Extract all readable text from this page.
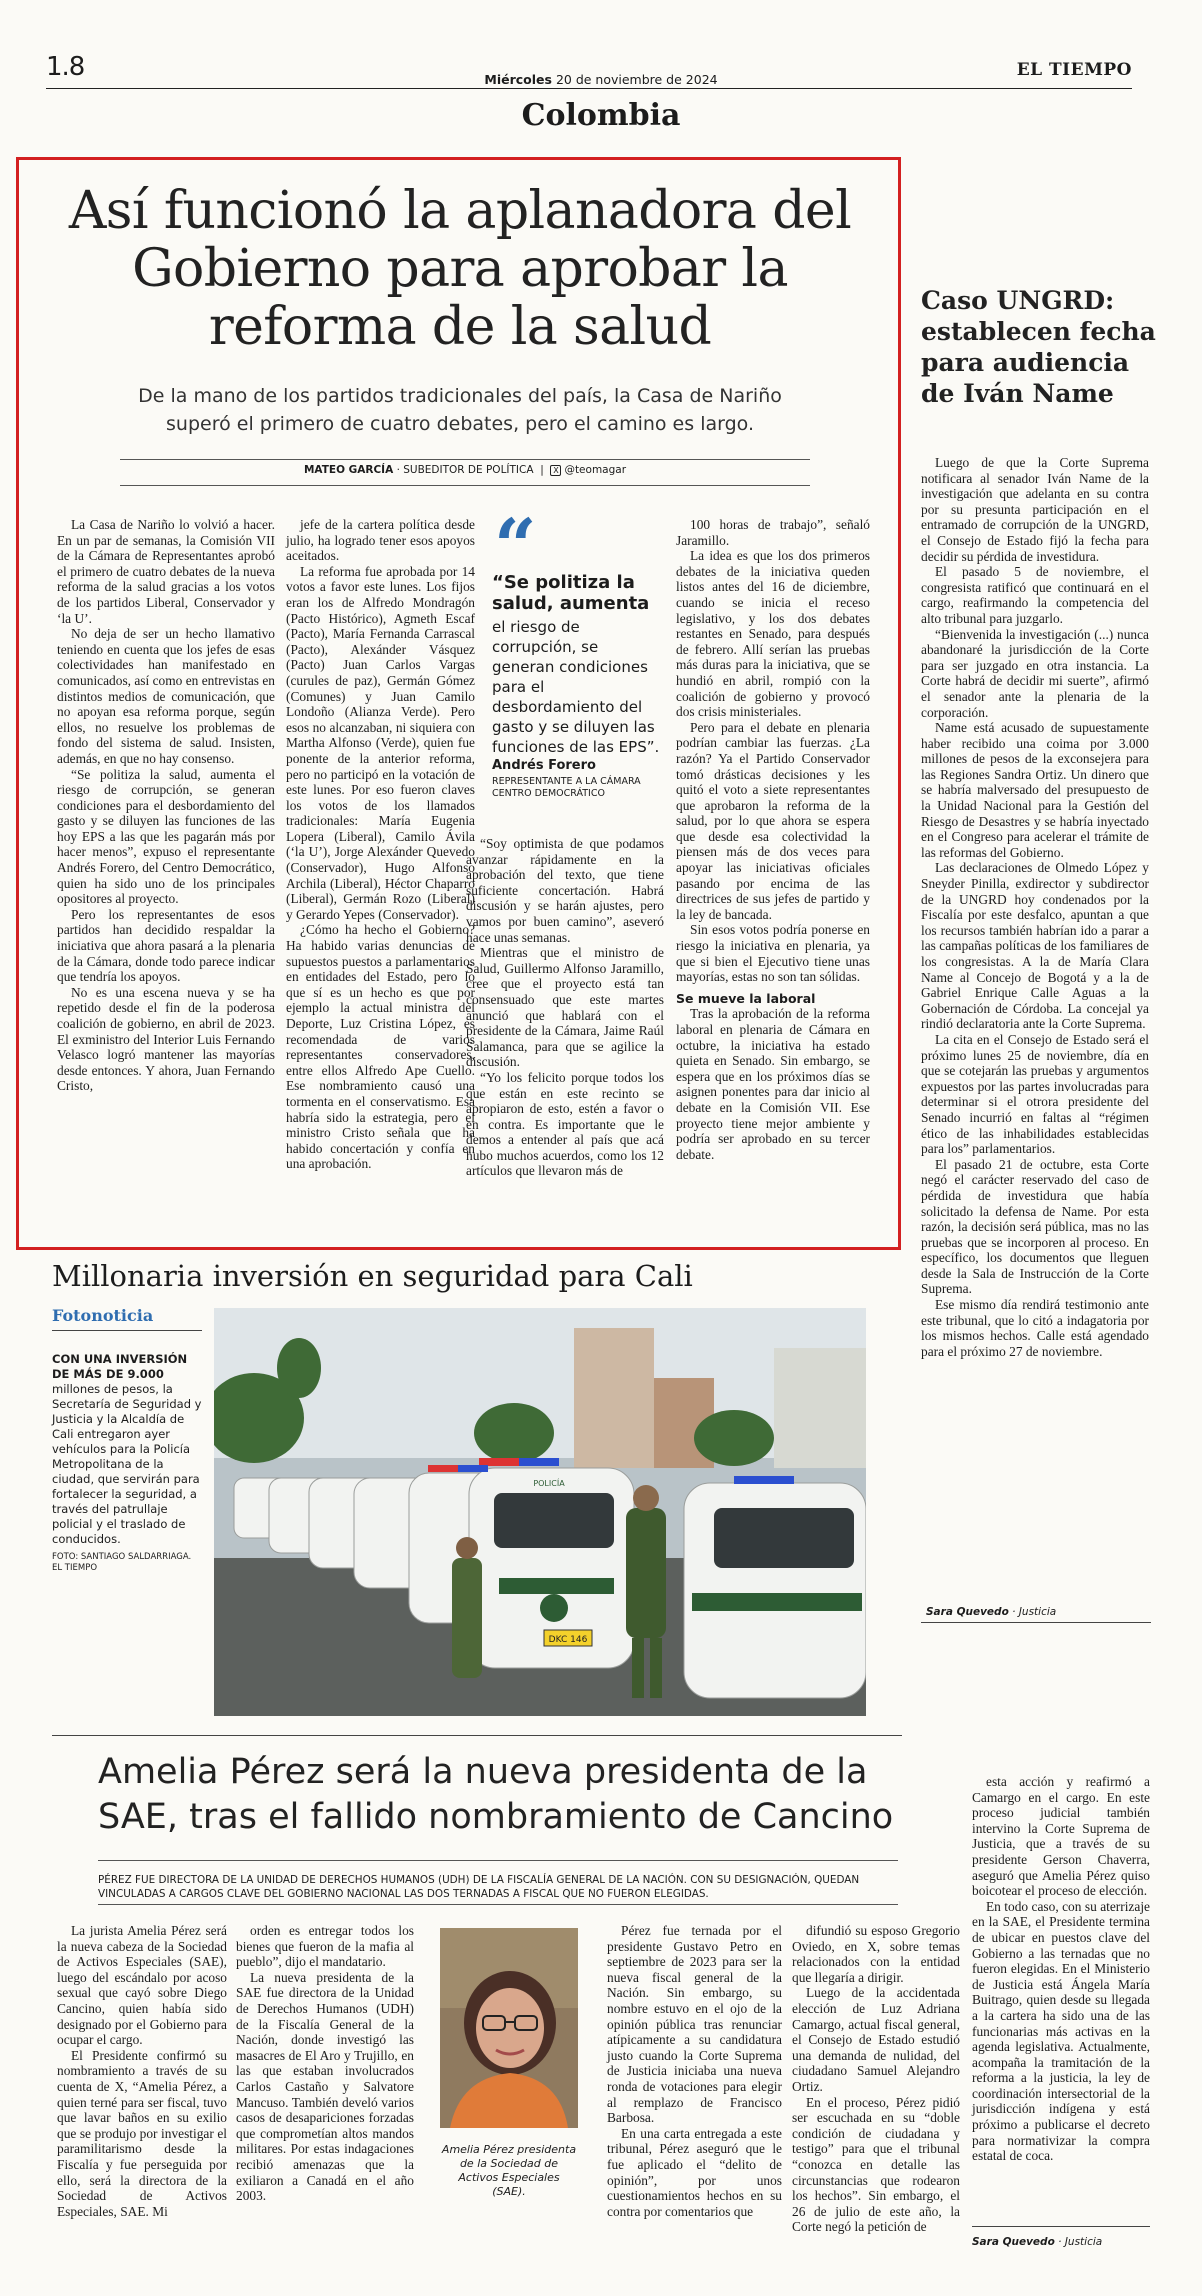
1.8	Miércoles 20 de noviembre de 2024	EL TIEMPO
Colombia
Así funcionó la aplanadora del Gobierno para aprobar la reforma de la salud
De la mano de los partidos tradicionales del país, la Casa de Nariño superó el primero de cuatro debates, pero el camino es largo.
MATEO GARCÍA · SUBEDITOR DE POLÍTICA  |  X @teomagar

La Casa de Nariño lo volvió a hacer. En un par de semanas, la Comisión VII de la Cámara de Representantes aprobó el primero de cuatro debates de la nueva reforma de la salud gracias a los votos de los partidos Liberal, Conservador y ‘la U’.

No deja de ser un hecho llamativo teniendo en cuenta que los jefes de esas colectividades han manifestado en comunicados, así como en entrevistas en distintos medios de comunicación, que no apoyan esa reforma porque, según ellos, no resuelve los problemas de fondo del sistema de salud. Insisten, además, en que no hay consenso.

“Se politiza la salud, aumenta el riesgo de corrupción, se generan condiciones para el desbordamiento del gasto y se diluyen las funciones de las hoy EPS a las que les pagarán más por hacer menos”, expuso el representante Andrés Forero, del Centro Democrático, quien ha sido uno de los principales opositores al proyecto.

Pero los representantes de esos partidos han decidido respaldar la iniciativa que ahora pasará a la plenaria de la Cámara, donde todo parece indicar que tendría los apoyos.

No es una escena nueva y se ha repetido desde el fin de la poderosa coalición de gobierno, en abril de 2023. El exministro del Interior Luis Fernando Velasco logró mantener las mayorías desde entonces. Y ahora, Juan Fernando Cristo,

jefe de la cartera política desde julio, ha logrado tener esos apoyos aceitados.

La reforma fue aprobada por 14 votos a favor este lunes. Los fijos eran los de Alfredo Mondragón (Pacto Histórico), Agmeth Escaf (Pacto), María Fernanda Carrascal (Pacto), Alexánder Vásquez (Pacto) Juan Carlos Vargas (curules de paz), Germán Gómez (Comunes) y Juan Camilo Londoño (Alianza Verde). Pero esos no alcanzaban, ni siquiera con Martha Alfonso (Verde), quien fue ponente de la anterior reforma, pero no participó en la votación de este lunes. Por eso fueron claves los votos de los llamados tradicionales: María Eugenia Lopera (Liberal), Camilo Ávila (‘la U’), Jorge Alexánder Quevedo (Conservador), Hugo Alfonso Archila (Liberal), Héctor Chaparro (Liberal), Germán Rozo (Liberal) y Gerardo Yepes (Conservador).

¿Cómo ha hecho el Gobierno? Ha habido varias denuncias de supuestos puestos a parlamentarios en entidades del Estado, pero lo que sí es un hecho es que por ejemplo la actual ministra del Deporte, Luz Cristina López, es recomendada de varios representantes conservadores, entre ellos Alfredo Ape Cuello. Ese nombramiento causó una tormenta en el conservatismo. Esa habría sido la estrategia, pero el ministro Cristo señala que ha habido concertación y confía en una aprobación.

“
“Se politiza la salud, aumenta
el riesgo de corrupción, se generan condiciones para el desbordamiento del gasto y se diluyen las funciones de las EPS”.
Andrés Forero
REPRESENTANTE A LA CÁMARA CENTRO DEMOCRÁTICO

“Soy optimista de que podamos avanzar rápidamente en la aprobación del texto, que tiene suficiente concertación. Habrá discusión y se harán ajustes, pero vamos por buen camino”, aseveró hace unas semanas.

Mientras que el ministro de Salud, Guillermo Alfonso Jaramillo, cree que el proyecto está tan consensuado que este martes anunció que hablará con el presidente de la Cámara, Jaime Raúl Salamanca, para que se agilice la discusión.

“Yo los felicito porque todos los que están en este recinto se apropiaron de esto, estén a favor o en contra. Es importante que le demos a entender al país que acá hubo muchos acuerdos, como los 12 artículos que llevaron más de

100 horas de trabajo”, señaló Jaramillo.

La idea es que los dos primeros debates de la iniciativa queden listos antes del 16 de diciembre, cuando se inicia el receso legislativo, y los dos debates restantes en Senado, para después de febrero. Allí serían las pruebas más duras para la iniciativa, que se hundió en abril, rompió con la coalición de gobierno y provocó dos crisis ministeriales.

Pero para el debate en plenaria podrían cambiar las fuerzas. ¿La razón? Ya el Partido Conservador tomó drásticas decisiones y les quitó el voto a siete representantes que aprobaron la reforma de la salud, por lo que ahora se espera que desde esa colectividad la piensen más de dos veces para apoyar las iniciativas oficiales pasando por encima de las directrices de sus jefes de partido y la ley de bancada.

Sin esos votos podría ponerse en riesgo la iniciativa en plenaria, ya que si bien el Ejecutivo tiene unas mayorías, estas no son tan sólidas.

Se mueve la laboral

Tras la aprobación de la reforma laboral en plenaria de Cámara en octubre, la iniciativa ha estado quieta en Senado. Sin embargo, se espera que en los próximos días se asignen ponentes para dar inicio al debate en la Comisión VII. Ese proyecto tiene mejor ambiente y podría ser aprobado en su tercer debate.

Caso UNGRD: establecen fecha para audiencia de Iván Name

Luego de que la Corte Suprema notificara al senador Iván Name de la investigación que adelanta en su contra por su presunta participación en el entramado de corrupción de la UNGRD, el Consejo de Estado fijó la fecha para decidir su pérdida de investidura.

El pasado 5 de noviembre, el congresista ratificó que continuará en el cargo, reafirmando la competencia del alto tribunal para juzgarlo.

“Bienvenida la investigación (...) nunca abandonaré la jurisdicción de la Corte para ser juzgado en otra instancia. La Corte habrá de decidir mi suerte”, afirmó el senador ante la plenaria de la corporación.

Name está acusado de supuestamente haber recibido una coima por 3.000 millones de pesos de la exconsejera para las Regiones Sandra Ortiz. Un dinero que se habría malversado del presupuesto de la Unidad Nacional para la Gestión del Riesgo de Desastres y se habría inyectado en el Congreso para acelerar el trámite de las reformas del Gobierno.

Las declaraciones de Olmedo López y Sneyder Pinilla, exdirector y subdirector de la UNGRD hoy condenados por la Fiscalía por este desfalco, apuntan a que los recursos también habrían ido a parar a las campañas políticas de los familiares de los congresistas. A la de María Clara Name al Concejo de Bogotá y a la de Gabriel Enrique Calle Aguas a la Gobernación de Córdoba. La concejal ya rindió declaratoria ante la Corte Suprema.

La cita en el Consejo de Estado será el próximo lunes 25 de noviembre, día en que se cotejarán las pruebas y argumentos expuestos por las partes involucradas para determinar si el otrora presidente del Senado incurrió en faltas al “régimen ético de las inhabilidades establecidas para los” parlamentarios.

El pasado 21 de octubre, esta Corte negó el carácter reservado del caso de pérdida de investidura que había solicitado la defensa de Name. Por esta razón, la decisión será pública, mas no las pruebas que se incorporen al proceso. En específico, los documentos que lleguen desde la Sala de Instrucción de la Corte Suprema.

Ese mismo día rendirá testimonio ante este tribunal, que lo citó a indagatoria por los mismos hechos. Calle está agendado para el próximo 27 de noviembre.

Sara Quevedo · Justicia
Millonaria inversión en seguridad para Cali
Fotonoticia
CON UNA INVERSIÓN DE MÁS DE 9.000 millones de pesos, la Secretaría de Seguridad y Justicia y la Alcaldía de Cali entregaron ayer vehículos para la Policía Metropolitana de la ciudad, que servirán para fortalecer la seguridad, a través del patrullaje policial y el traslado de conducidos.
FOTO: SANTIAGO SALDARRIAGA. EL TIEMPO
DKC 146
POLICÍA
Amelia Pérez será la nueva presidenta de la SAE, tras el fallido nombramiento de Cancino
PÉREZ FUE DIRECTORA DE LA UNIDAD DE DERECHOS HUMANOS (UDH) DE LA FISCALÍA GENERAL DE LA NACIÓN. CON SU DESIGNACIÓN, QUEDAN VINCULADAS A CARGOS CLAVE DEL GOBIERNO NACIONAL LAS DOS TERNADAS A FISCAL QUE NO FUERON ELEGIDAS.

La jurista Amelia Pérez será la nueva cabeza de la Sociedad de Activos Especiales (SAE), luego del escándalo por acoso sexual que cayó sobre Diego Cancino, quien había sido designado por el Gobierno para ocupar el cargo.

El Presidente confirmó su nombramiento a través de su cuenta de X, “Amelia Pérez, a quien terné para ser fiscal, tuvo que lavar baños en su exilio que se produjo por investigar el paramilitarismo desde la Fiscalía y fue perseguida por ello, será la directora de la Sociedad de Activos Especiales, SAE. Mi

orden es entregar todos los bienes que fueron de la mafia al pueblo”, dijo el mandatario.

La nueva presidenta de la SAE fue directora de la Unidad de Derechos Humanos (UDH) de la Fiscalía General de la Nación, donde investigó las masacres de El Aro y Trujillo, en las que estaban involucrados Carlos Castaño y Salvatore Mancuso. También develó varios casos de desapariciones forzadas que comprometían altos mandos militares. Por estas indagaciones recibió amenazas que la exiliaron a Canadá en el año 2003.

Amelia Pérez presidenta de la Sociedad de Activos Especiales (SAE).

Pérez fue ternada por el presidente Gustavo Petro en septiembre de 2023 para ser la nueva fiscal general de la Nación. Sin embargo, su nombre estuvo en el ojo de la opinión pública tras renunciar atípicamente a su candidatura justo cuando la Corte Suprema de Justicia iniciaba una nueva ronda de votaciones para elegir al remplazo de Francisco Barbosa.

En una carta entregada a este tribunal, Pérez aseguró que le fue aplicado el “delito de opinión”, por unos cuestionamientos hechos en su contra por comentarios que

difundió su esposo Gregorio Oviedo, en X, sobre temas relacionados con la entidad que llegaría a dirigir.

Luego de la accidentada elección de Luz Adriana Camargo, actual fiscal general, el Consejo de Estado estudió una demanda de nulidad, del ciudadano Samuel Alejandro Ortiz.

En el proceso, Pérez pidió ser escuchada en su “doble condición de ciudadana y testigo” para que el tribunal “conozca en detalle las circunstancias que rodearon los hechos”. Sin embargo, el 26 de julio de este año, la Corte negó la petición de

esta acción y reafirmó a Camargo en el cargo. En este proceso judicial también intervino la Corte Suprema de Justicia, que a través de su presidente Gerson Chaverra, aseguró que Amelia Pérez quiso boicotear el proceso de elección.

En todo caso, con su aterrizaje en la SAE, el Presidente termina de ubicar en puestos clave del Gobierno a las ternadas que no fueron elegidas. En el Ministerio de Justicia está Ángela María Buitrago, quien desde su llegada a la cartera ha sido una de las funcionarias más activas en la agenda legislativa. Actualmente, acompaña la tramitación de la reforma a la justicia, la ley de coordinación intersectorial de la jurisdicción indígena y está próximo a publicarse el decreto para normativizar la compra estatal de coca.

Sara Quevedo · Justicia
